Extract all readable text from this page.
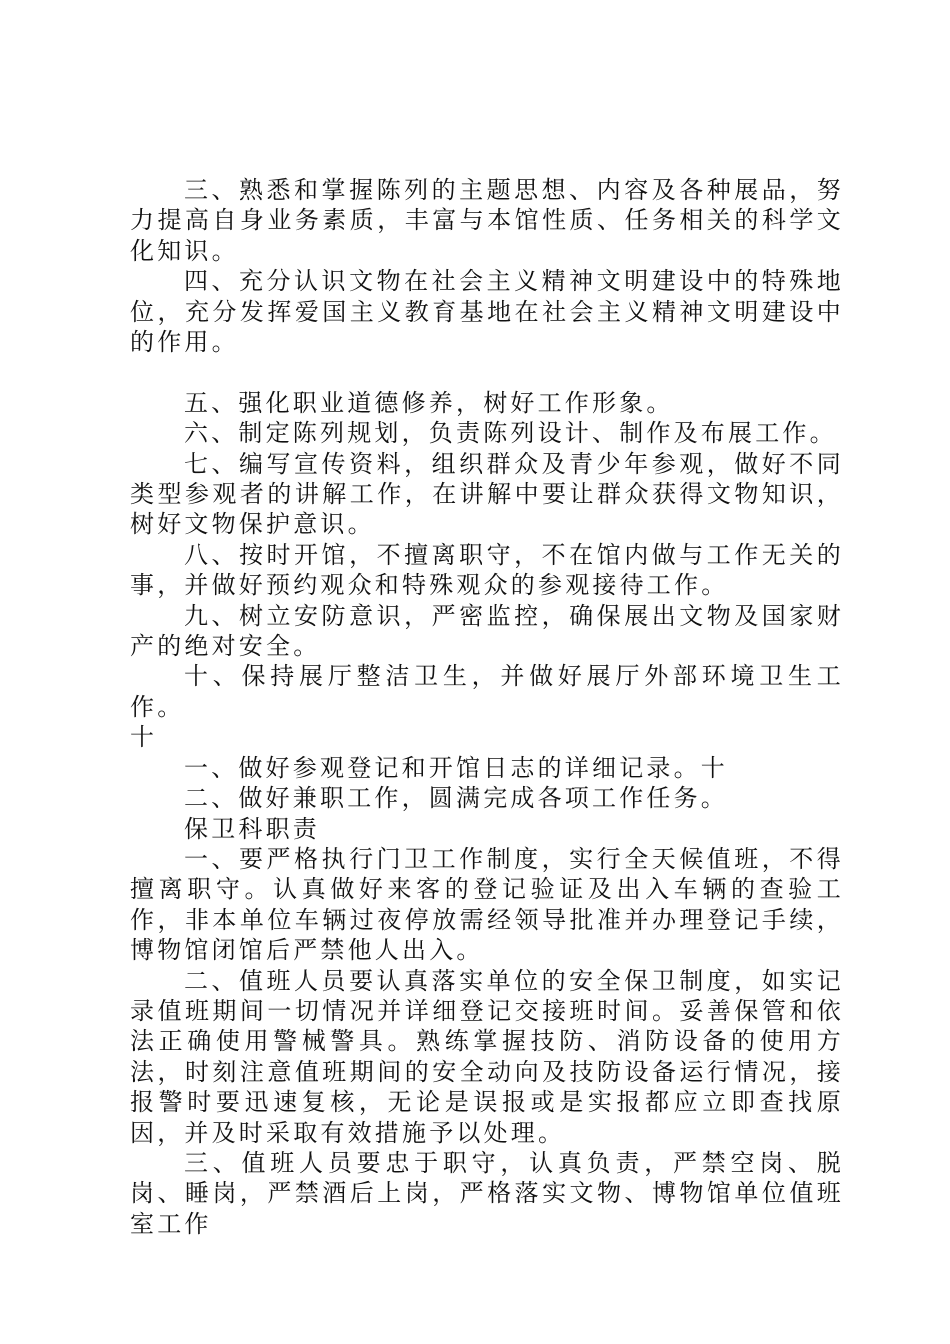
三、熟悉和掌握陈列的主题思想、内容及各种展品，努力提高自身业务素质，丰富与本馆性质、任务相关的科学文化知识。

四、充分认识文物在社会主义精神文明建设中的特殊地位，充分发挥爱国主义教育基地在社会主义精神文明建设中的作用。

五、强化职业道德修养，树好工作形象。

六、制定陈列规划，负责陈列设计、制作及布展工作。

七、编写宣传资料，组织群众及青少年参观，做好不同类型参观者的讲解工作，在讲解中要让群众获得文物知识，树好文物保护意识。

八、按时开馆，不擅离职守，不在馆内做与工作无关的事，并做好预约观众和特殊观众的参观接待工作。

九、树立安防意识，严密监控，确保展出文物及国家财产的绝对安全。

十、保持展厅整洁卫生，并做好展厅外部环境卫生工作。

十

一、做好参观登记和开馆日志的详细记录。十

二、做好兼职工作，圆满完成各项工作任务。

保卫科职责

一、要严格执行门卫工作制度，实行全天候值班，不得擅离职守。认真做好来客的登记验证及出入车辆的查验工作，非本单位车辆过夜停放需经领导批准并办理登记手续，博物馆闭馆后严禁他人出入。

二、值班人员要认真落实单位的安全保卫制度，如实记录值班期间一切情况并详细登记交接班时间。妥善保管和依法正确使用警械警具。熟练掌握技防、消防设备的使用方法，时刻注意值班期间的安全动向及技防设备运行情况，接报警时要迅速复核，无论是误报或是实报都应立即查找原因，并及时采取有效措施予以处理。

三、值班人员要忠于职守，认真负责，严禁空岗、脱岗、睡岗，严禁酒后上岗，严格落实文物、博物馆单位值班室工作
